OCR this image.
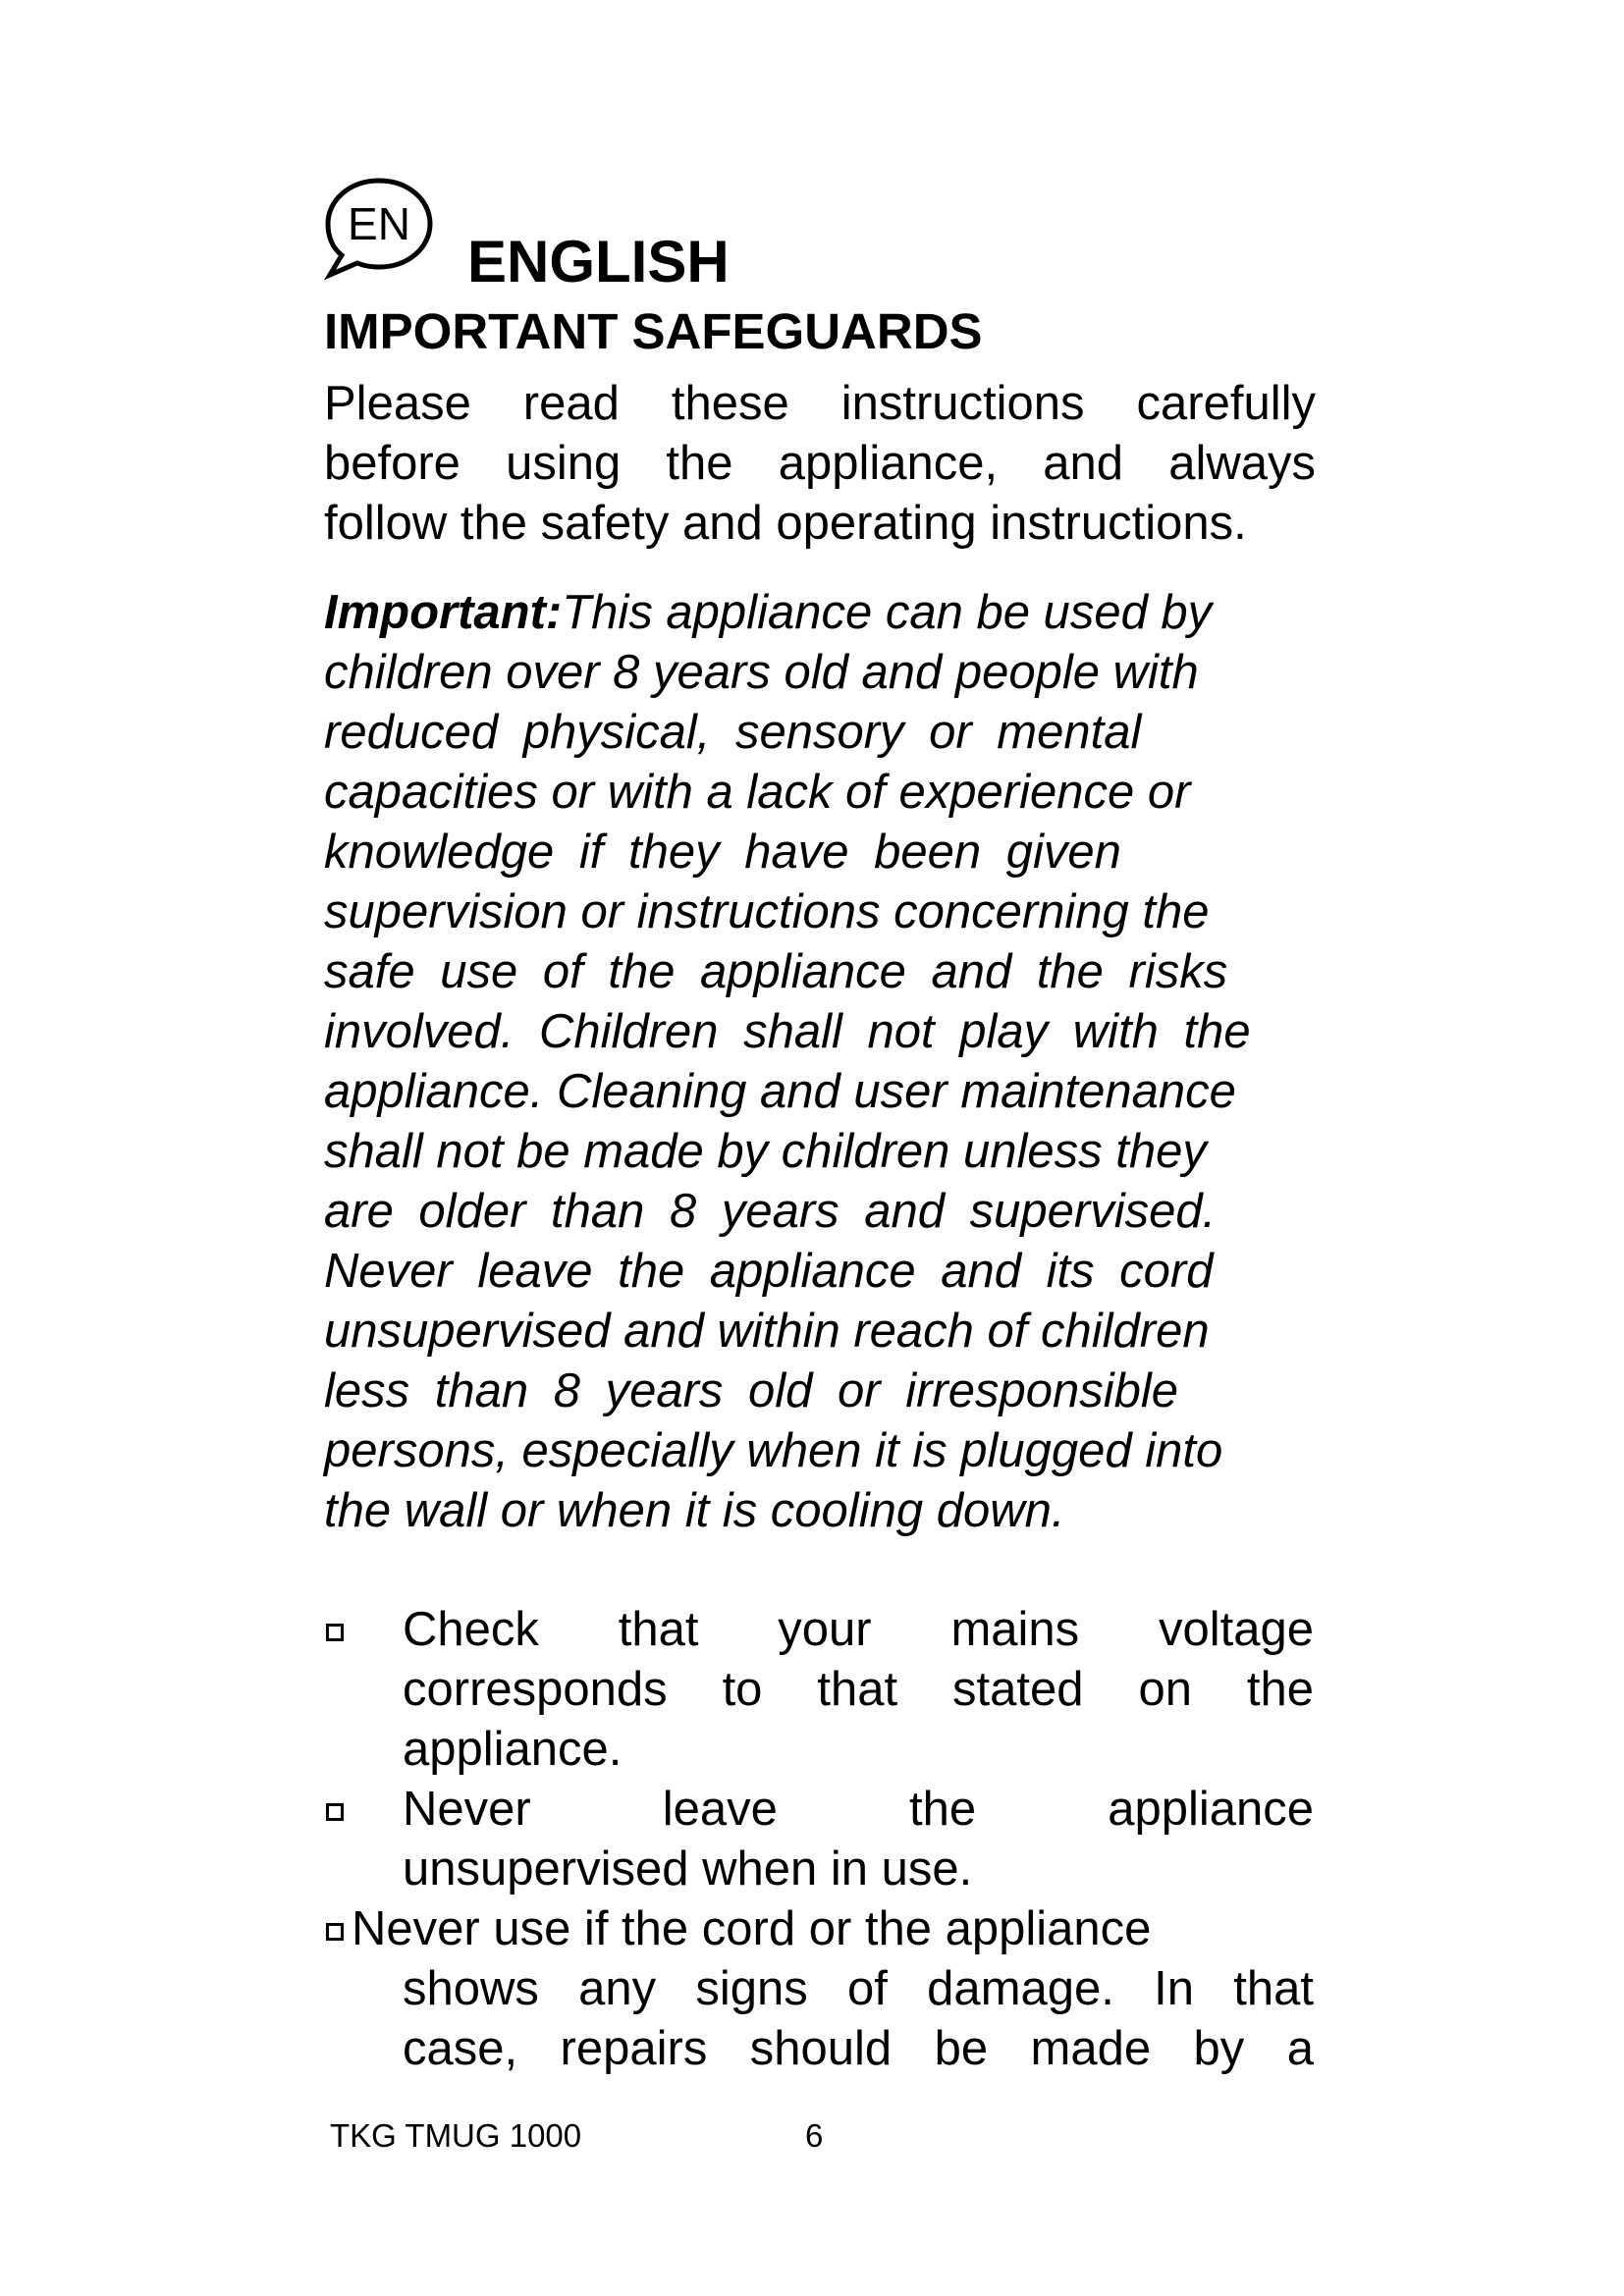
EN
ENGLISH
IMPORTANT SAFEGUARDS
Please read these instructions carefully
before using the appliance, and always
follow the safety and operating instructions.
Important:This appliance can be used by
children over 8 years old and people with
reduced physical, sensory or mental
capacities or with a lack of experience or
knowledge if they have been given
supervision or instructions concerning the
safe use of the appliance and the risks
involved. Children shall not play with the
appliance. Cleaning and user maintenance
shall not be made by children unless they
are older than 8 years and supervised.
Never leave the appliance and its cord
unsupervised and within reach of children
less than 8 years old or irresponsible
persons, especially when it is plugged into
the wall or when it is cooling down.
Check that your mains voltage
corresponds to that stated on the
appliance.
Never leave the appliance
unsupervised when in use.
Never use if the cord or the appliance
shows any signs of damage. In that
case, repairs should be made by a
TKG TMUG 1000	6
